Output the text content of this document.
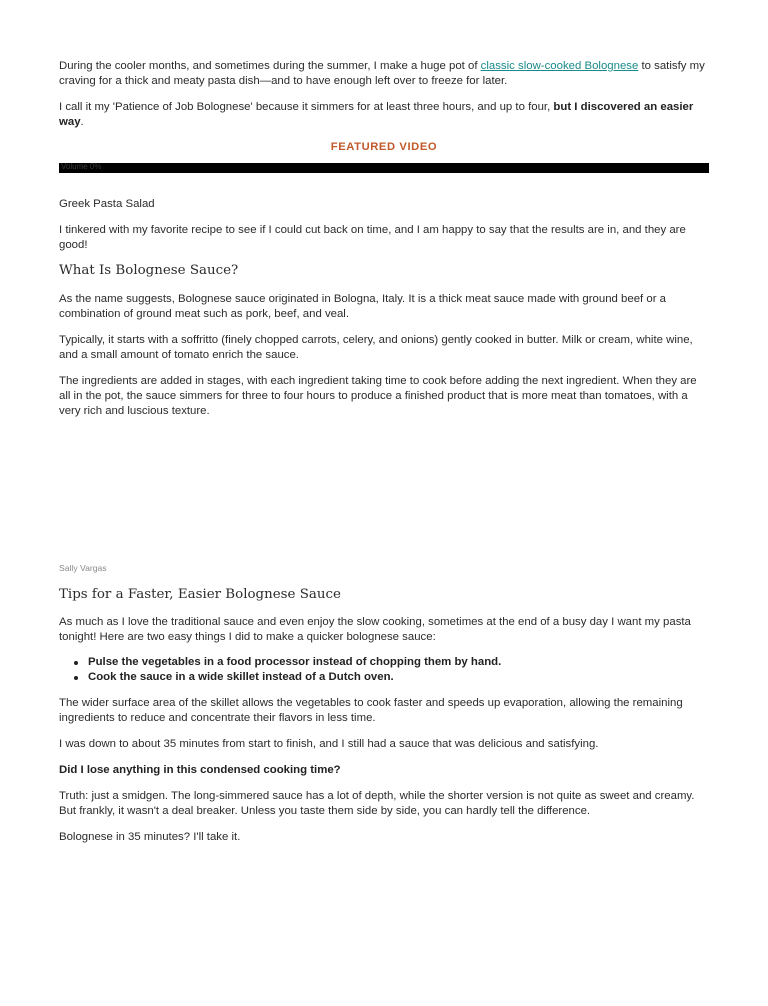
During the cooler months, and sometimes during the summer, I make a huge pot of classic slow-cooked Bolognese to satisfy my craving for a thick and meaty pasta dish—and to have enough left over to freeze for later.

I call it my 'Patience of Job Bolognese' because it simmers for at least three hours, and up to four, but I discovered an easier way.

FEATURED VIDEO

Volume 0%

Greek Pasta Salad

I tinkered with my favorite recipe to see if I could cut back on time, and I am happy to say that the results are in, and they are good!

What Is Bolognese Sauce?

As the name suggests, Bolognese sauce originated in Bologna, Italy. It is a thick meat sauce made with ground beef or a combination of ground meat such as pork, beef, and veal.

Typically, it starts with a soffritto (finely chopped carrots, celery, and onions) gently cooked in butter. Milk or cream, white wine, and a small amount of tomato enrich the sauce.

The ingredients are added in stages, with each ingredient taking time to cook before adding the next ingredient. When they are all in the pot, the sauce simmers for three to four hours to produce a finished product that is more meat than tomatoes, with a very rich and luscious texture.

Sally Vargas

Tips for a Faster, Easier Bolognese Sauce

As much as I love the traditional sauce and even enjoy the slow cooking, sometimes at the end of a busy day I want my pasta tonight! Here are two easy things I did to make a quicker bolognese sauce:

Pulse the vegetables in a food processor instead of chopping them by hand.
Cook the sauce in a wide skillet instead of a Dutch oven.

The wider surface area of the skillet allows the vegetables to cook faster and speeds up evaporation, allowing the remaining ingredients to reduce and concentrate their flavors in less time.

I was down to about 35 minutes from start to finish, and I still had a sauce that was delicious and satisfying.

Did I lose anything in this condensed cooking time?

Truth: just a smidgen. The long-simmered sauce has a lot of depth, while the shorter version is not quite as sweet and creamy. But frankly, it wasn't a deal breaker. Unless you taste them side by side, you can hardly tell the difference.

Bolognese in 35 minutes? I'll take it.
